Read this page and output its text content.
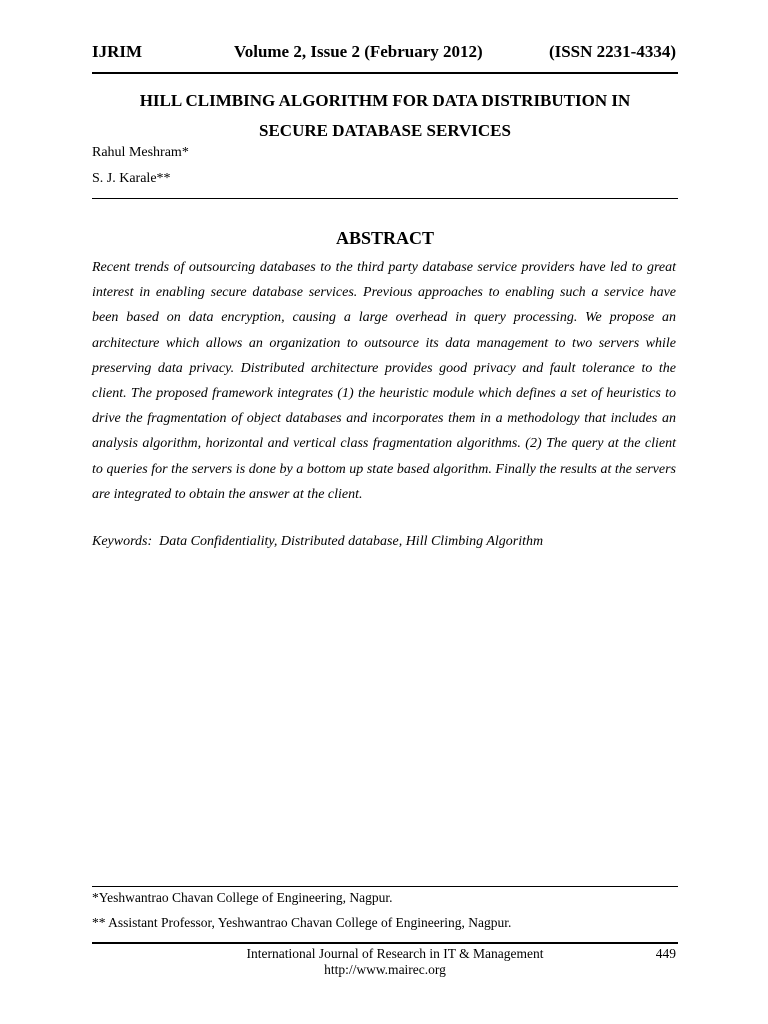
IJRIM	Volume 2, Issue 2 (February 2012)	(ISSN 2231-4334)
HILL CLIMBING ALGORITHM FOR DATA DISTRIBUTION IN
SECURE DATABASE SERVICES
Rahul Meshram*
S. J. Karale**
ABSTRACT

Recent trends of outsourcing databases to the third party database service providers have led to great interest in enabling secure database services. Previous approaches to enabling such a service have been based on data encryption, causing a large overhead in query processing. We propose an architecture which allows an organization to outsource its data management to two servers while preserving data privacy. Distributed architecture provides good privacy and fault tolerance to the client. The proposed framework integrates (1) the heuristic module which defines a set of heuristics to drive the fragmentation of object databases and incorporates them in a methodology that includes an analysis algorithm, horizontal and vertical class fragmentation algorithms. (2) The query at the client to queries for the servers is done by a bottom up state based algorithm. Finally the results at the servers are integrated to obtain the answer at the client.

Keywords:  Data Confidentiality, Distributed database, Hill Climbing Algorithm
*Yeshwantrao Chavan College of Engineering, Nagpur.
** Assistant Professor, Yeshwantrao Chavan College of Engineering, Nagpur.
International Journal of Research in IT & Management
http://www.mairec.org
449
